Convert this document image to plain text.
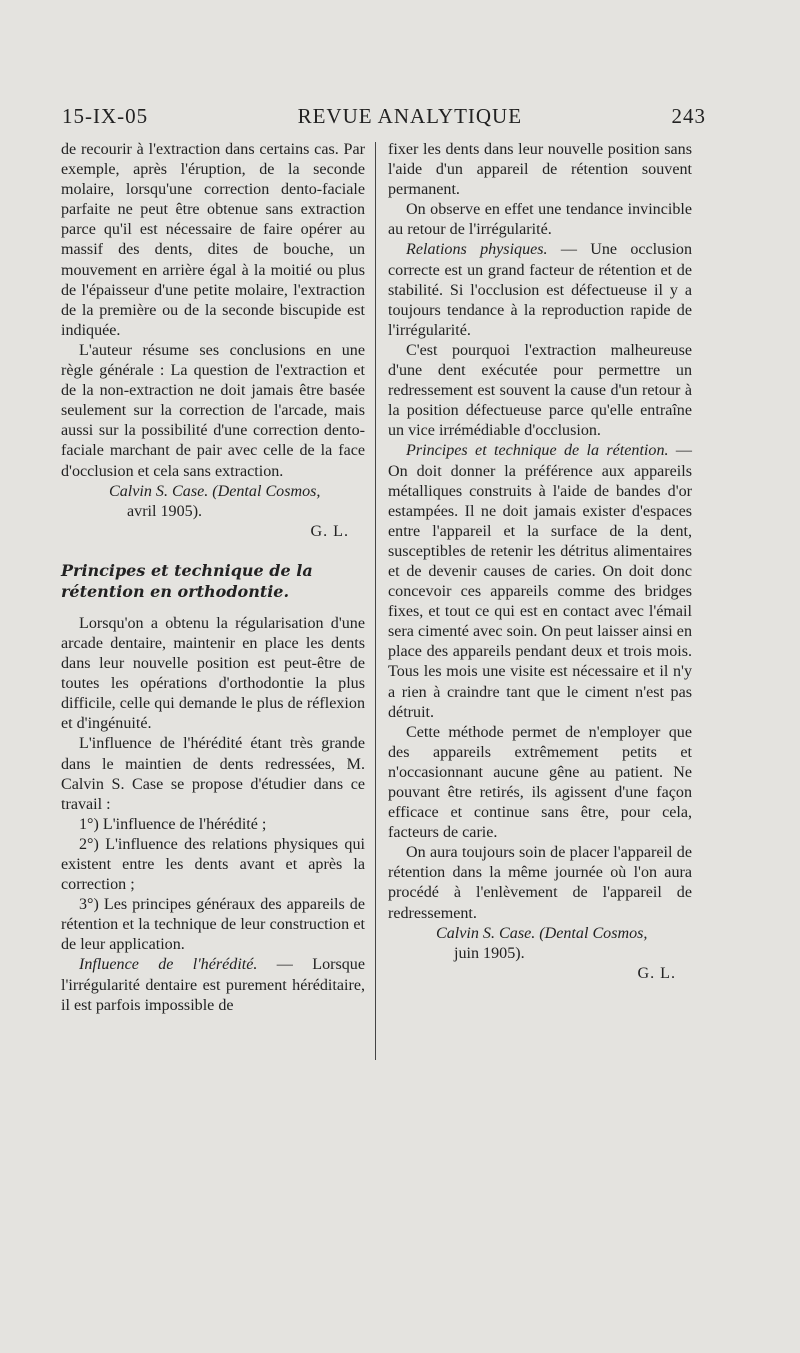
15-IX-05	REVUE ANALYTIQUE	243

de recourir à l'extraction dans certains cas. Par exemple, après l'éruption, de la seconde molaire, lorsqu'une correction dento-faciale parfaite ne peut être obtenue sans extraction parce qu'il est nécessaire de faire opérer au massif des dents, dites de bouche, un mouvement en arrière égal à la moitié ou plus de l'épaisseur d'une petite molaire, l'extraction de la première ou de la seconde biscupide est indiquée.

L'auteur résume ses conclusions en une règle générale : La question de l'extraction et de la non-extraction ne doit jamais être basée seulement sur la correction de l'arcade, mais aussi sur la possibilité d'une correction dento-faciale marchant de pair avec celle de la face d'occlusion et cela sans extraction.

Calvin S. Case. (Dental Cosmos,

avril 1905).

G. L.

Principes et technique de la rétention en orthodontie.

Lorsqu'on a obtenu la régularisation d'une arcade dentaire, maintenir en place les dents dans leur nouvelle position est peut-être de toutes les opérations d'orthodontie la plus difficile, celle qui demande le plus de réflexion et d'ingénuité.

L'influence de l'hérédité étant très grande dans le maintien de dents redressées, M. Calvin S. Case se propose d'étudier dans ce travail :

1°) L'influence de l'hérédité ;

2°) L'influence des relations physiques qui existent entre les dents avant et après la correction ;

3°) Les principes généraux des appareils de rétention et la technique de leur construction et de leur application.

Influence de l'hérédité. — Lorsque l'irrégularité dentaire est purement héréditaire, il est parfois impossible de

fixer les dents dans leur nouvelle position sans l'aide d'un appareil de rétention souvent permanent.

On observe en effet une tendance invincible au retour de l'irrégularité.

Relations physiques. — Une occlusion correcte est un grand facteur de rétention et de stabilité. Si l'occlusion est défectueuse il y a toujours tendance à la reproduction rapide de l'irrégularité.

C'est pourquoi l'extraction malheureuse d'une dent exécutée pour permettre un redressement est souvent la cause d'un retour à la position défectueuse parce qu'elle entraîne un vice irrémédiable d'occlusion.

Principes et technique de la rétention. — On doit donner la préférence aux appareils métalliques construits à l'aide de bandes d'or estampées. Il ne doit jamais exister d'espaces entre l'appareil et la surface de la dent, susceptibles de retenir les détritus alimentaires et de devenir causes de caries. On doit donc concevoir ces appareils comme des bridges fixes, et tout ce qui est en contact avec l'émail sera cimenté avec soin. On peut laisser ainsi en place des appareils pendant deux et trois mois. Tous les mois une visite est nécessaire et il n'y a rien à craindre tant que le ciment n'est pas détruit.

Cette méthode permet de n'employer que des appareils extrêmement petits et n'occasionnant aucune gêne au patient. Ne pouvant être retirés, ils agissent d'une façon efficace et continue sans être, pour cela, facteurs de carie.

On aura toujours soin de placer l'appareil de rétention dans la même journée où l'on aura procédé à l'enlèvement de l'appareil de redressement.

Calvin S. Case. (Dental Cosmos,

juin 1905).

G. L.
